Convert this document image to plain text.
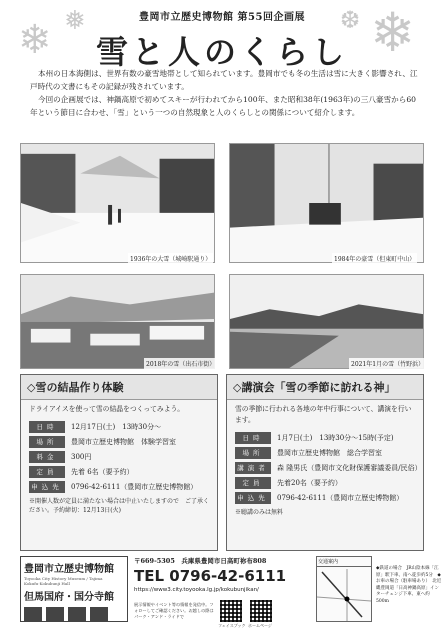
❄ ❅	❆ ❄
豊岡市立歴史博物館 第55回企画展
雪と人のくらし

本州の日本海側は、世界有数の豪雪地帯として知られています。豊岡市でも冬の生活は雪に大きく影響され、江戸時代の文書にもその記録が残されています。

今回の企画展では、神鍋高原で初めてスキーが行われてから100年、また昭和38年(1963年)の三八豪雪から60年という節目に合わせ、「雪」という一つの自然現象と人のくらしとの関係について紹介します。

1936年の大雪（城崎駅通り）	1984年の豪雪（但東町中山）
2018年の雪（出石市街）	2021年1月の雪（竹野浜）
◇雪の結晶作り体験
ドライアイスを使って雪の結晶をつくってみよう。
日時	12月17日(土)　13時30分～
場所	豊岡市立歴史博物館　体験学習室
料金	300円
定員	先着 6名（要予約）
申込先	0796-42-6111（豊岡市立歴史博物館）
※開催人数が定員に満たない場合は中止いたしますので　ご了承ください。予約締切：12月13日(火)
◇講演会「雪の季節に訪れる神」
雪の季節に行われる各地の年中行事について、講演を行います。
日時	1月7日(土)　13時30分～15時(予定)
場所	豊岡市立歴史博物館　総合学習室
講演者	森 隆男氏（豊岡市文化財保護審議委員/民俗）
定員	先着20名（要予約）
申込先	0796-42-6111（豊岡市立歴史博物館）
※聴講のみは無料
豊岡市立歴史博物館
Toyooka City History Museum / Tajima Kokufu·Kokubunji Hall
但馬国府・国分寺館
〒669-5305　兵庫県豊岡市日高町祢布808
TEL 0796-42-6111
https://www3.city.toyooka.lg.jp/kokubunjikan/
展示情報やイベント等の情報を発信中。フォローしてご確認ください。お越しの際はパーク・アンド・ライドで
フェイスブック ホームページ
交通案内
◆鉄道の場合　JR山陰本線「江原」駅下車、南へ徒歩約5分　◆お車の場合（駐車場あり）　北近畿豊岡道「日高神鍋高原」インターチェンジ下車、東へ約500m
